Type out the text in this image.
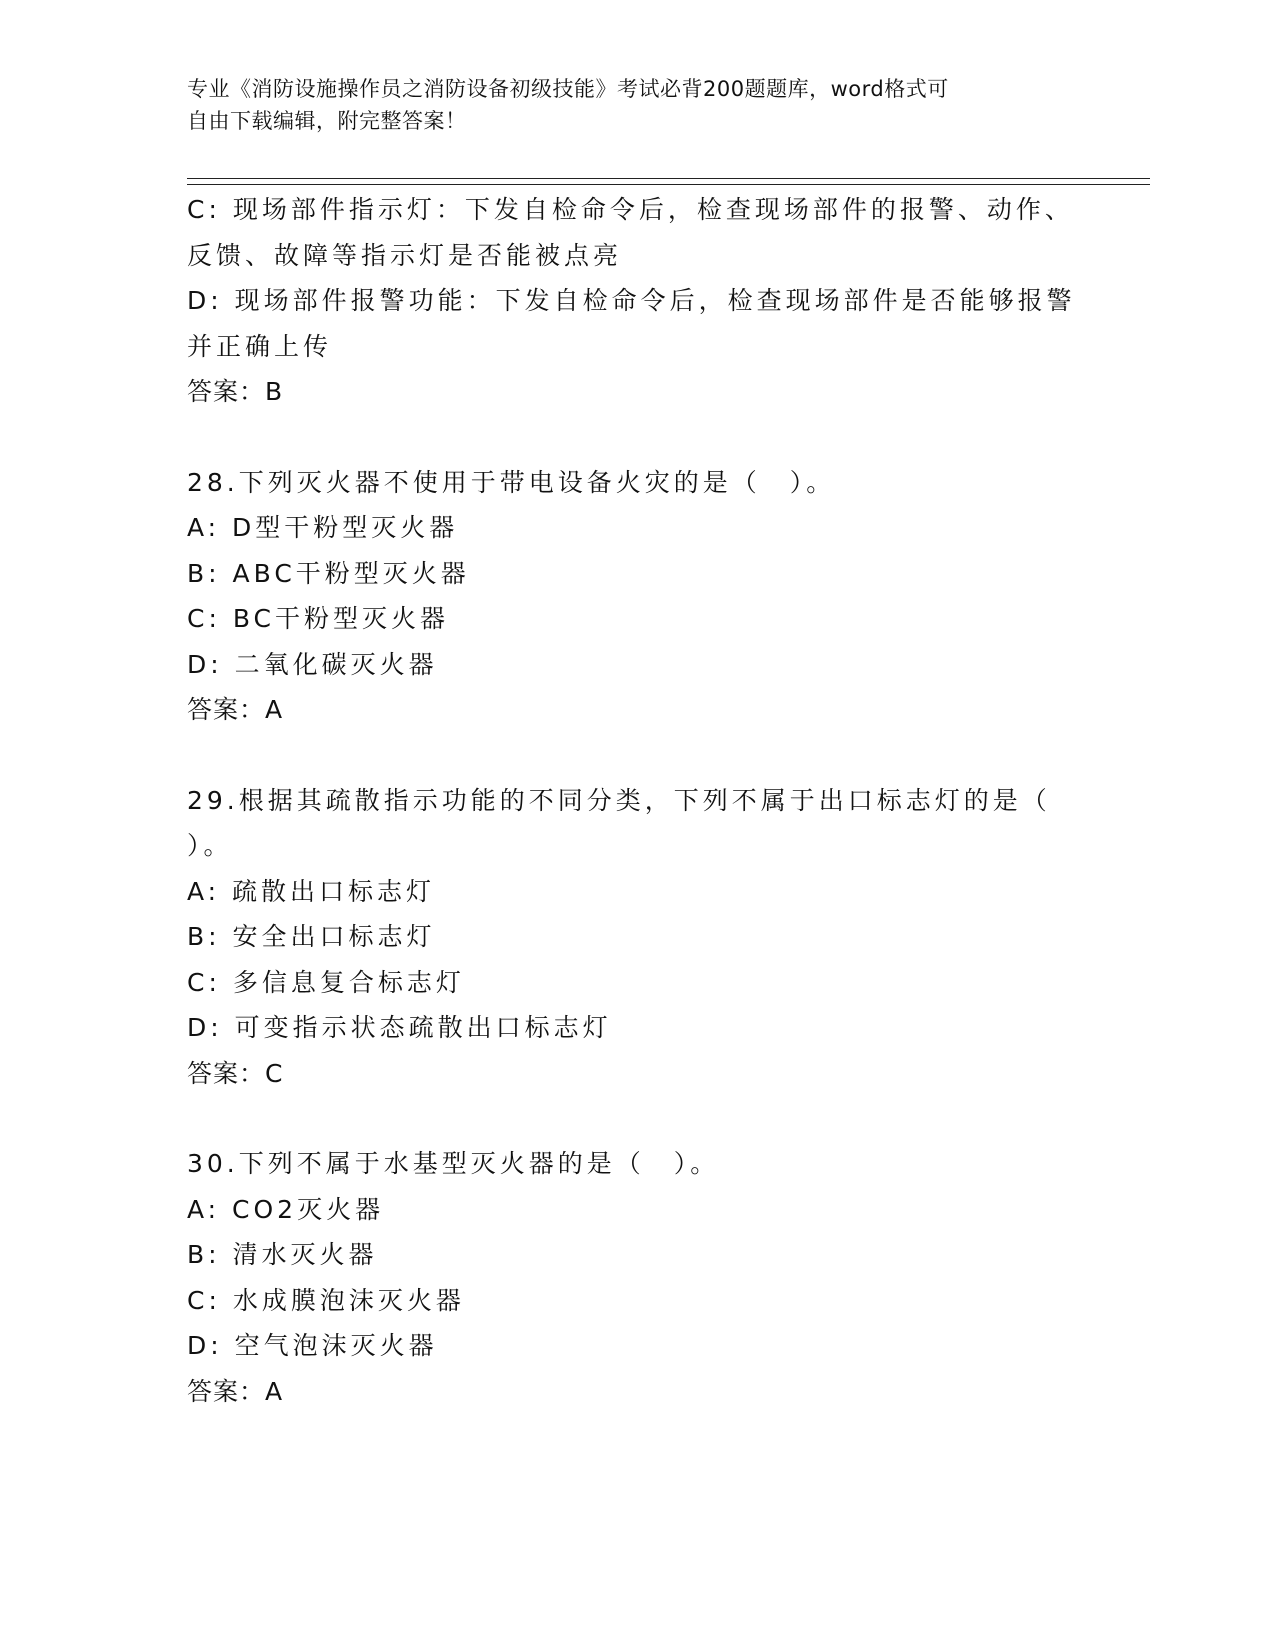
专业《消防设施操作员之消防设备初级技能》考试必背200题题库，word格式可
自由下载编辑，附完整答案！
C: 现场部件指示灯：下发自检命令后，检查现场部件的报警、动作、
反馈、故障等指示灯是否能被点亮
D: 现场部件报警功能：下发自检命令后，检查现场部件是否能够报警
并正确上传
答案：B
28.下列灭火器不使用于带电设备火灾的是（　）。
A: D型干粉型灭火器
B: ABC干粉型灭火器
C: BC干粉型灭火器
D: 二氧化碳灭火器
答案：A
29.根据其疏散指示功能的不同分类，下列不属于出口标志灯的是（
）。
A: 疏散出口标志灯
B: 安全出口标志灯
C: 多信息复合标志灯
D: 可变指示状态疏散出口标志灯
答案：C
30.下列不属于水基型灭火器的是（　）。
A: CO2灭火器
B: 清水灭火器
C: 水成膜泡沫灭火器
D: 空气泡沫灭火器
答案：A
